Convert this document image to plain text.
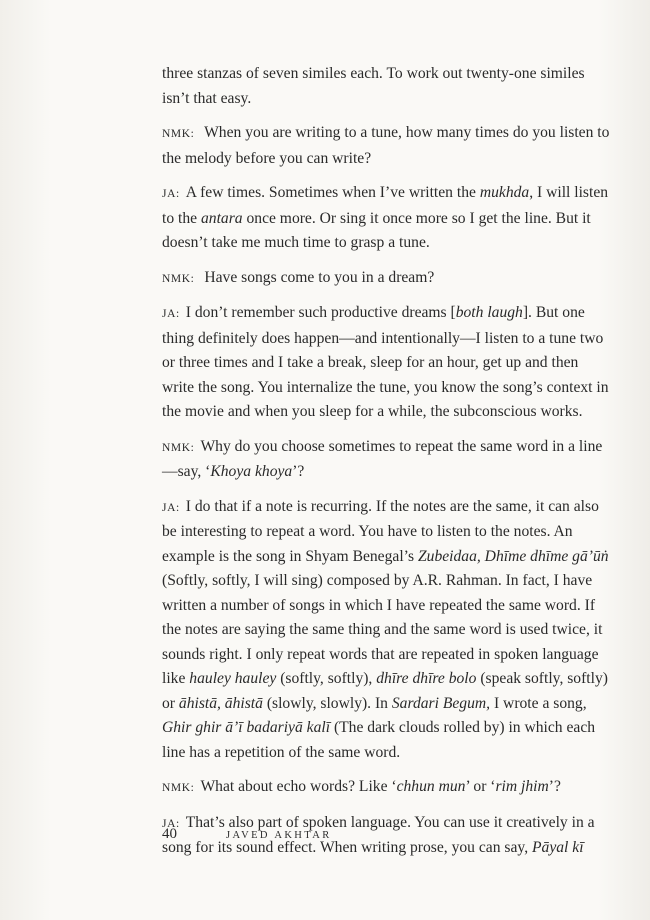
three stanzas of seven similes each. To work out twenty-one similes isn’t that easy.

NMK: When you are writing to a tune, how many times do you listen to the melody before you can write?

JA: A few times. Sometimes when I’ve written the mukhda, I will listen to the antara once more. Or sing it once more so I get the line. But it doesn’t take me much time to grasp a tune.

NMK: Have songs come to you in a dream?

JA: I don’t remember such productive dreams [both laugh]. But one thing definitely does happen—and intentionally—I listen to a tune two or three times and I take a break, sleep for an hour, get up and then write the song. You internalize the tune, you know the song’s context in the movie and when you sleep for a while, the subconscious works.

NMK: Why do you choose sometimes to repeat the same word in a line—say, ‘Khoya khoya’?

JA: I do that if a note is recurring. If the notes are the same, it can also be interesting to repeat a word. You have to listen to the notes. An example is the song in Shyam Benegal’s Zubeidaa, Dhīme dhīme gā’ūṅ (Softly, softly, I will sing) composed by A.R. Rahman. In fact, I have written a number of songs in which I have repeated the same word. If the notes are saying the same thing and the same word is used twice, it sounds right. I only repeat words that are repeated in spoken language like hauley hauley (softly, softly), dhīre dhīre bolo (speak softly, softly) or āhistā, āhistā (slowly, slowly). In Sardari Begum, I wrote a song, Ghir ghir ā’ī badariyā kalī (The dark clouds rolled by) in which each line has a repetition of the same word.

NMK: What about echo words? Like ‘chhun mun’ or ‘rim jhim’?

JA: That’s also part of spoken language. You can use it creatively in a song for its sound effect. When writing prose, you can say, Pāyal kī

40	JAVED AKHTAR
